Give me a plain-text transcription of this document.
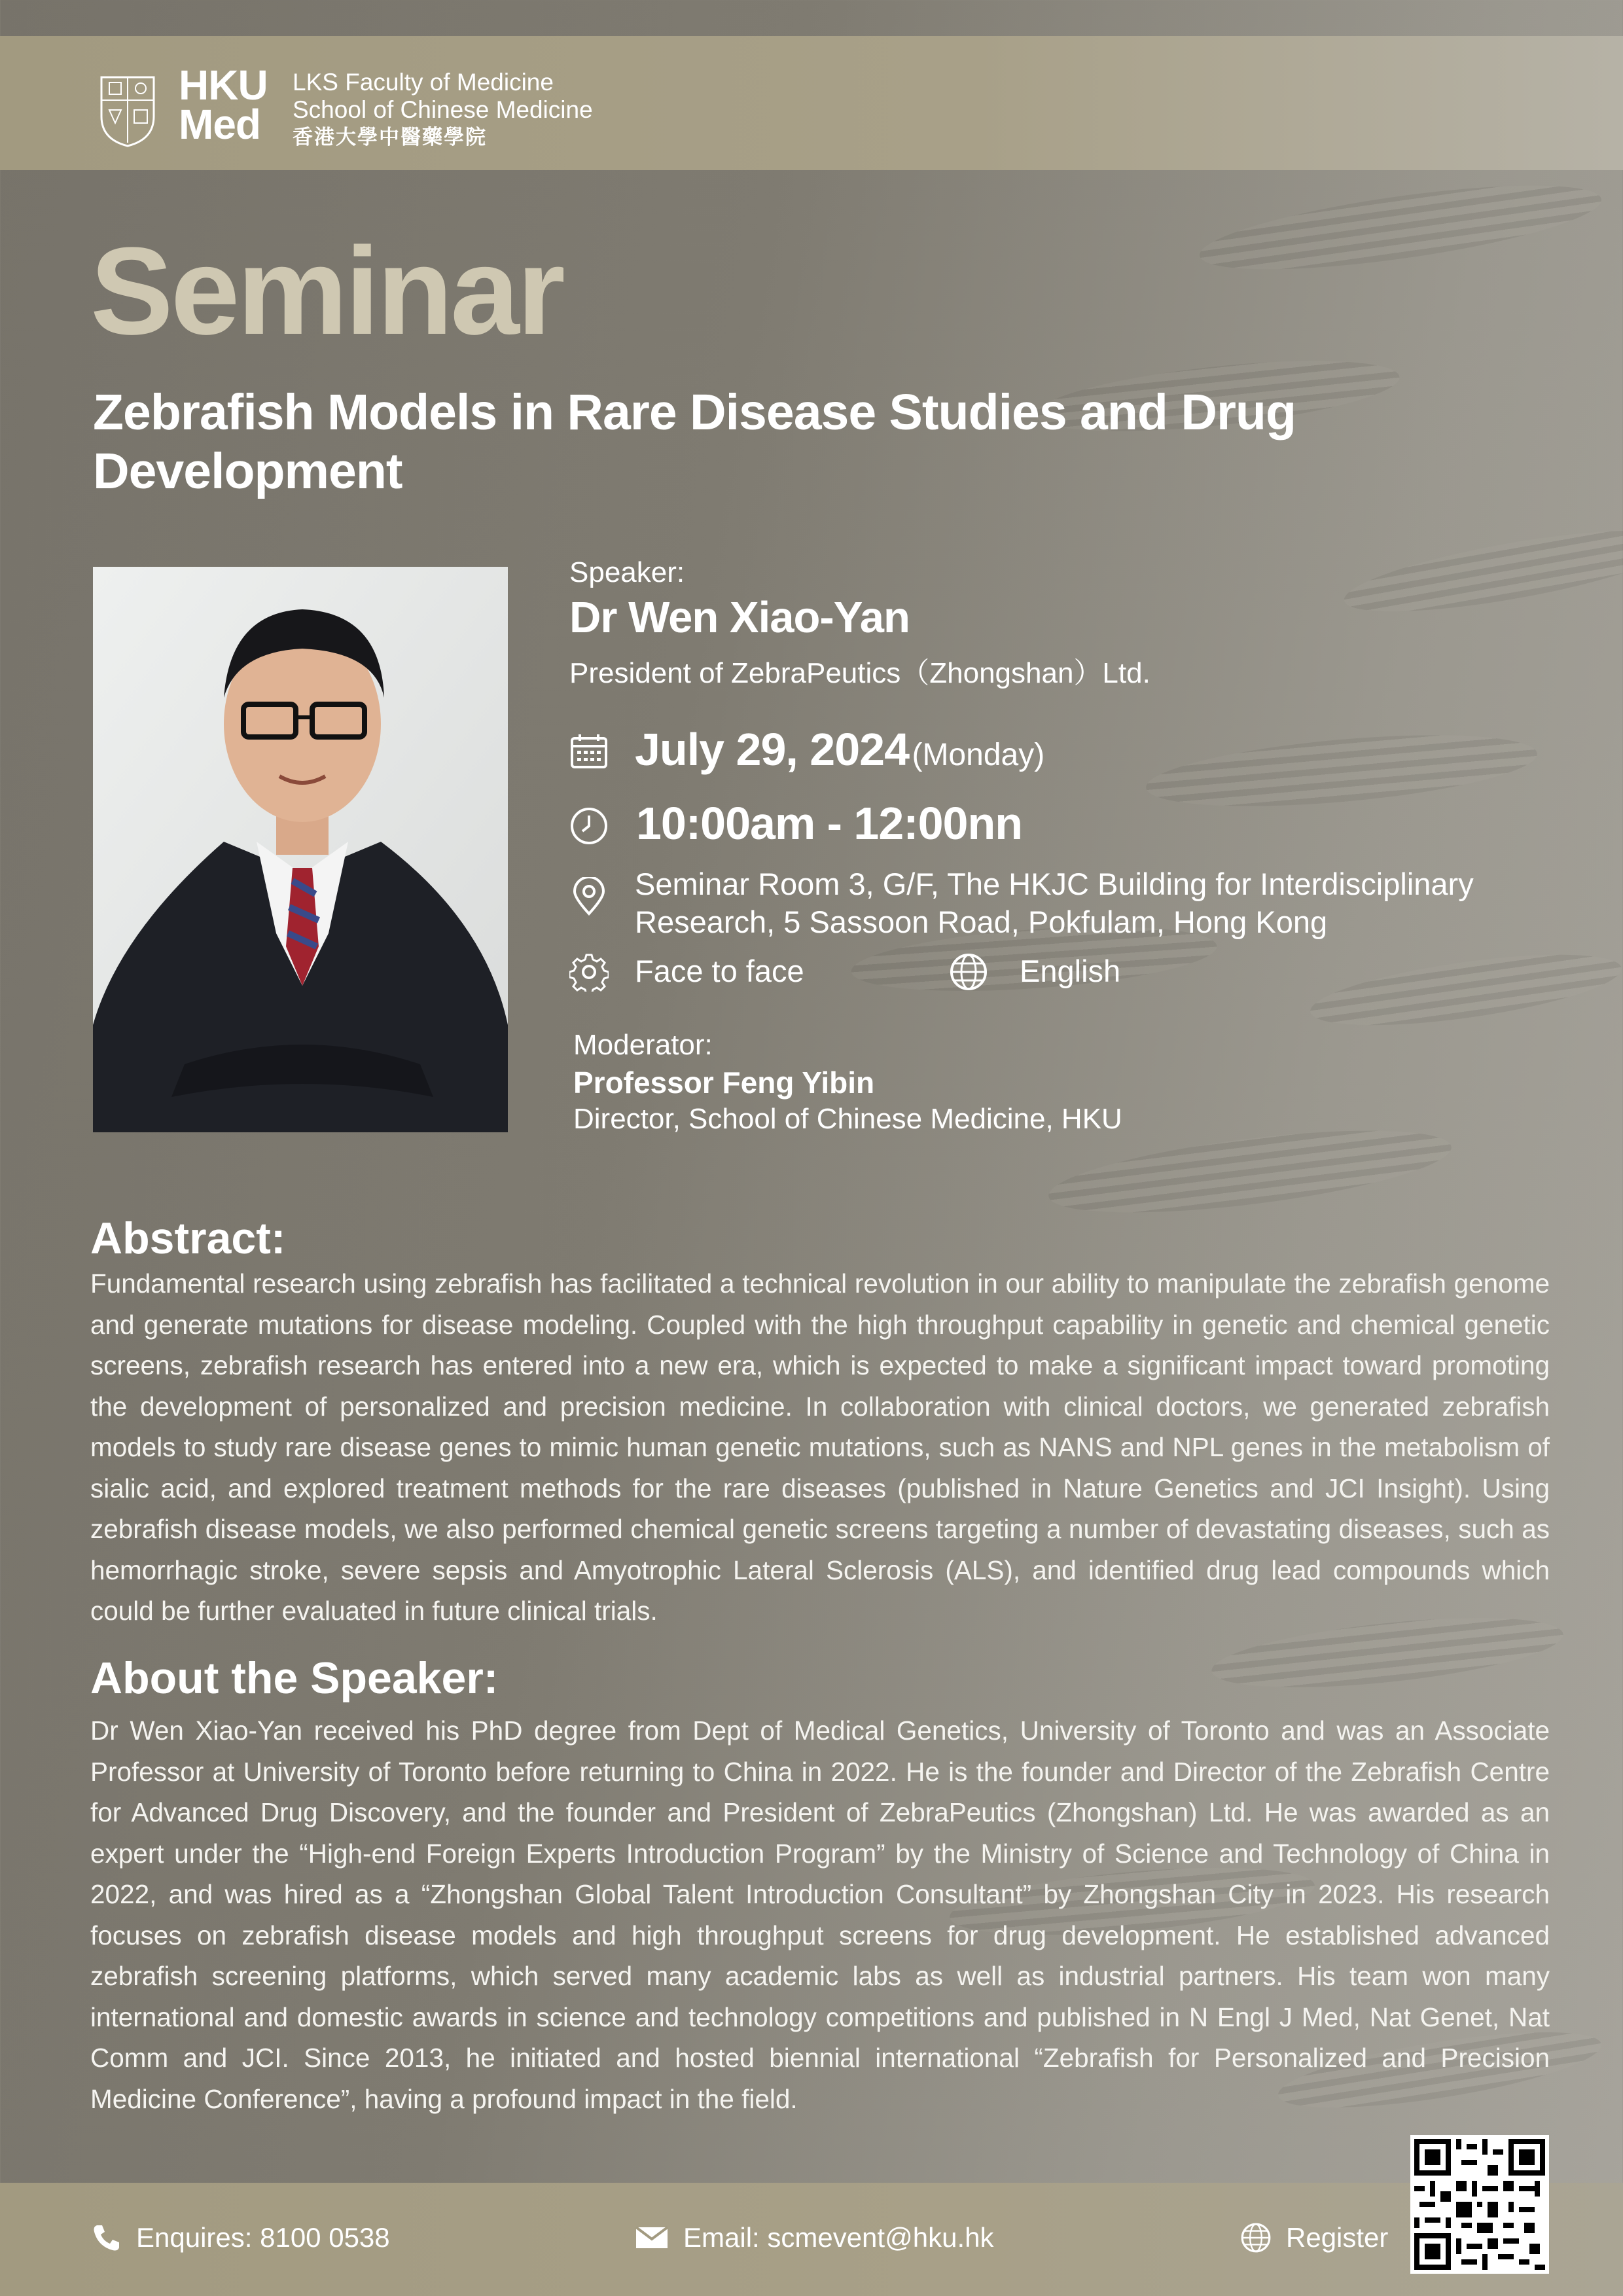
HKU
Med
LKS Faculty of Medicine
School of Chinese Medicine
香港大學中醫藥學院
Seminar
Zebrafish Models in Rare Disease Studies and Drug Development
Speaker:
Dr Wen Xiao-Yan
President of ZebraPeutics（Zhongshan）Ltd.
July 29, 2024 (Monday)
10:00am - 12:00nn
Seminar Room 3, G/F, The HKJC Building for Interdisciplinary
Research, 5 Sassoon Road, Pokfulam, Hong Kong
Face to face	English
Moderator:
Professor Feng Yibin
Director, School of Chinese Medicine, HKU
Abstract:
Fundamental research using zebrafish has facilitated a technical revolution in our ability to manipulate the zebrafish genome and generate mutations for disease modeling. Coupled with the high throughput capability in genetic and chemical genetic screens, zebrafish research has entered into a new era, which is expected to make a significant impact toward promoting the development of personalized and precision medicine. In collaboration with clinical doctors, we generated zebrafish models to study rare disease genes to mimic human genetic mutations, such as NANS and NPL genes in the metabolism of sialic acid, and explored treatment methods for the rare diseases (published in Nature Genetics and JCI Insight). Using zebrafish disease models, we also performed chemical genetic screens targeting a number of devastating diseases, such as hemorrhagic stroke, severe sepsis and Amyotrophic Lateral Sclerosis (ALS), and identified drug lead compounds which could be further evaluated in future clinical trials.
About the Speaker:
Dr Wen Xiao-Yan received his PhD degree from Dept of Medical Genetics, University of Toronto and was an Associate Professor at University of Toronto before returning to China in 2022. He is the founder and Director of the Zebrafish Centre for Advanced Drug Discovery, and the founder and President of ZebraPeutics (Zhongshan) Ltd. He was awarded as an expert under the “High-end Foreign Experts Introduction Program” by the Ministry of Science and Technology of China in 2022, and was hired as a “Zhongshan Global Talent Introduction Consultant” by Zhongshan City in 2023. His research focuses on zebrafish disease models and high throughput screens for drug development. He established advanced zebrafish screening platforms, which served many academic labs as well as industrial partners. His team won many international and domestic awards in science and technology competitions and published in N Engl J Med, Nat Genet, Nat Comm and JCI. Since 2013, he initiated and hosted biennial international “Zebrafish for Personalized and Precision Medicine Conference”, having a profound impact in the field.
Enquires: 8100 0538	Email: scmevent@hku.hk	Register
